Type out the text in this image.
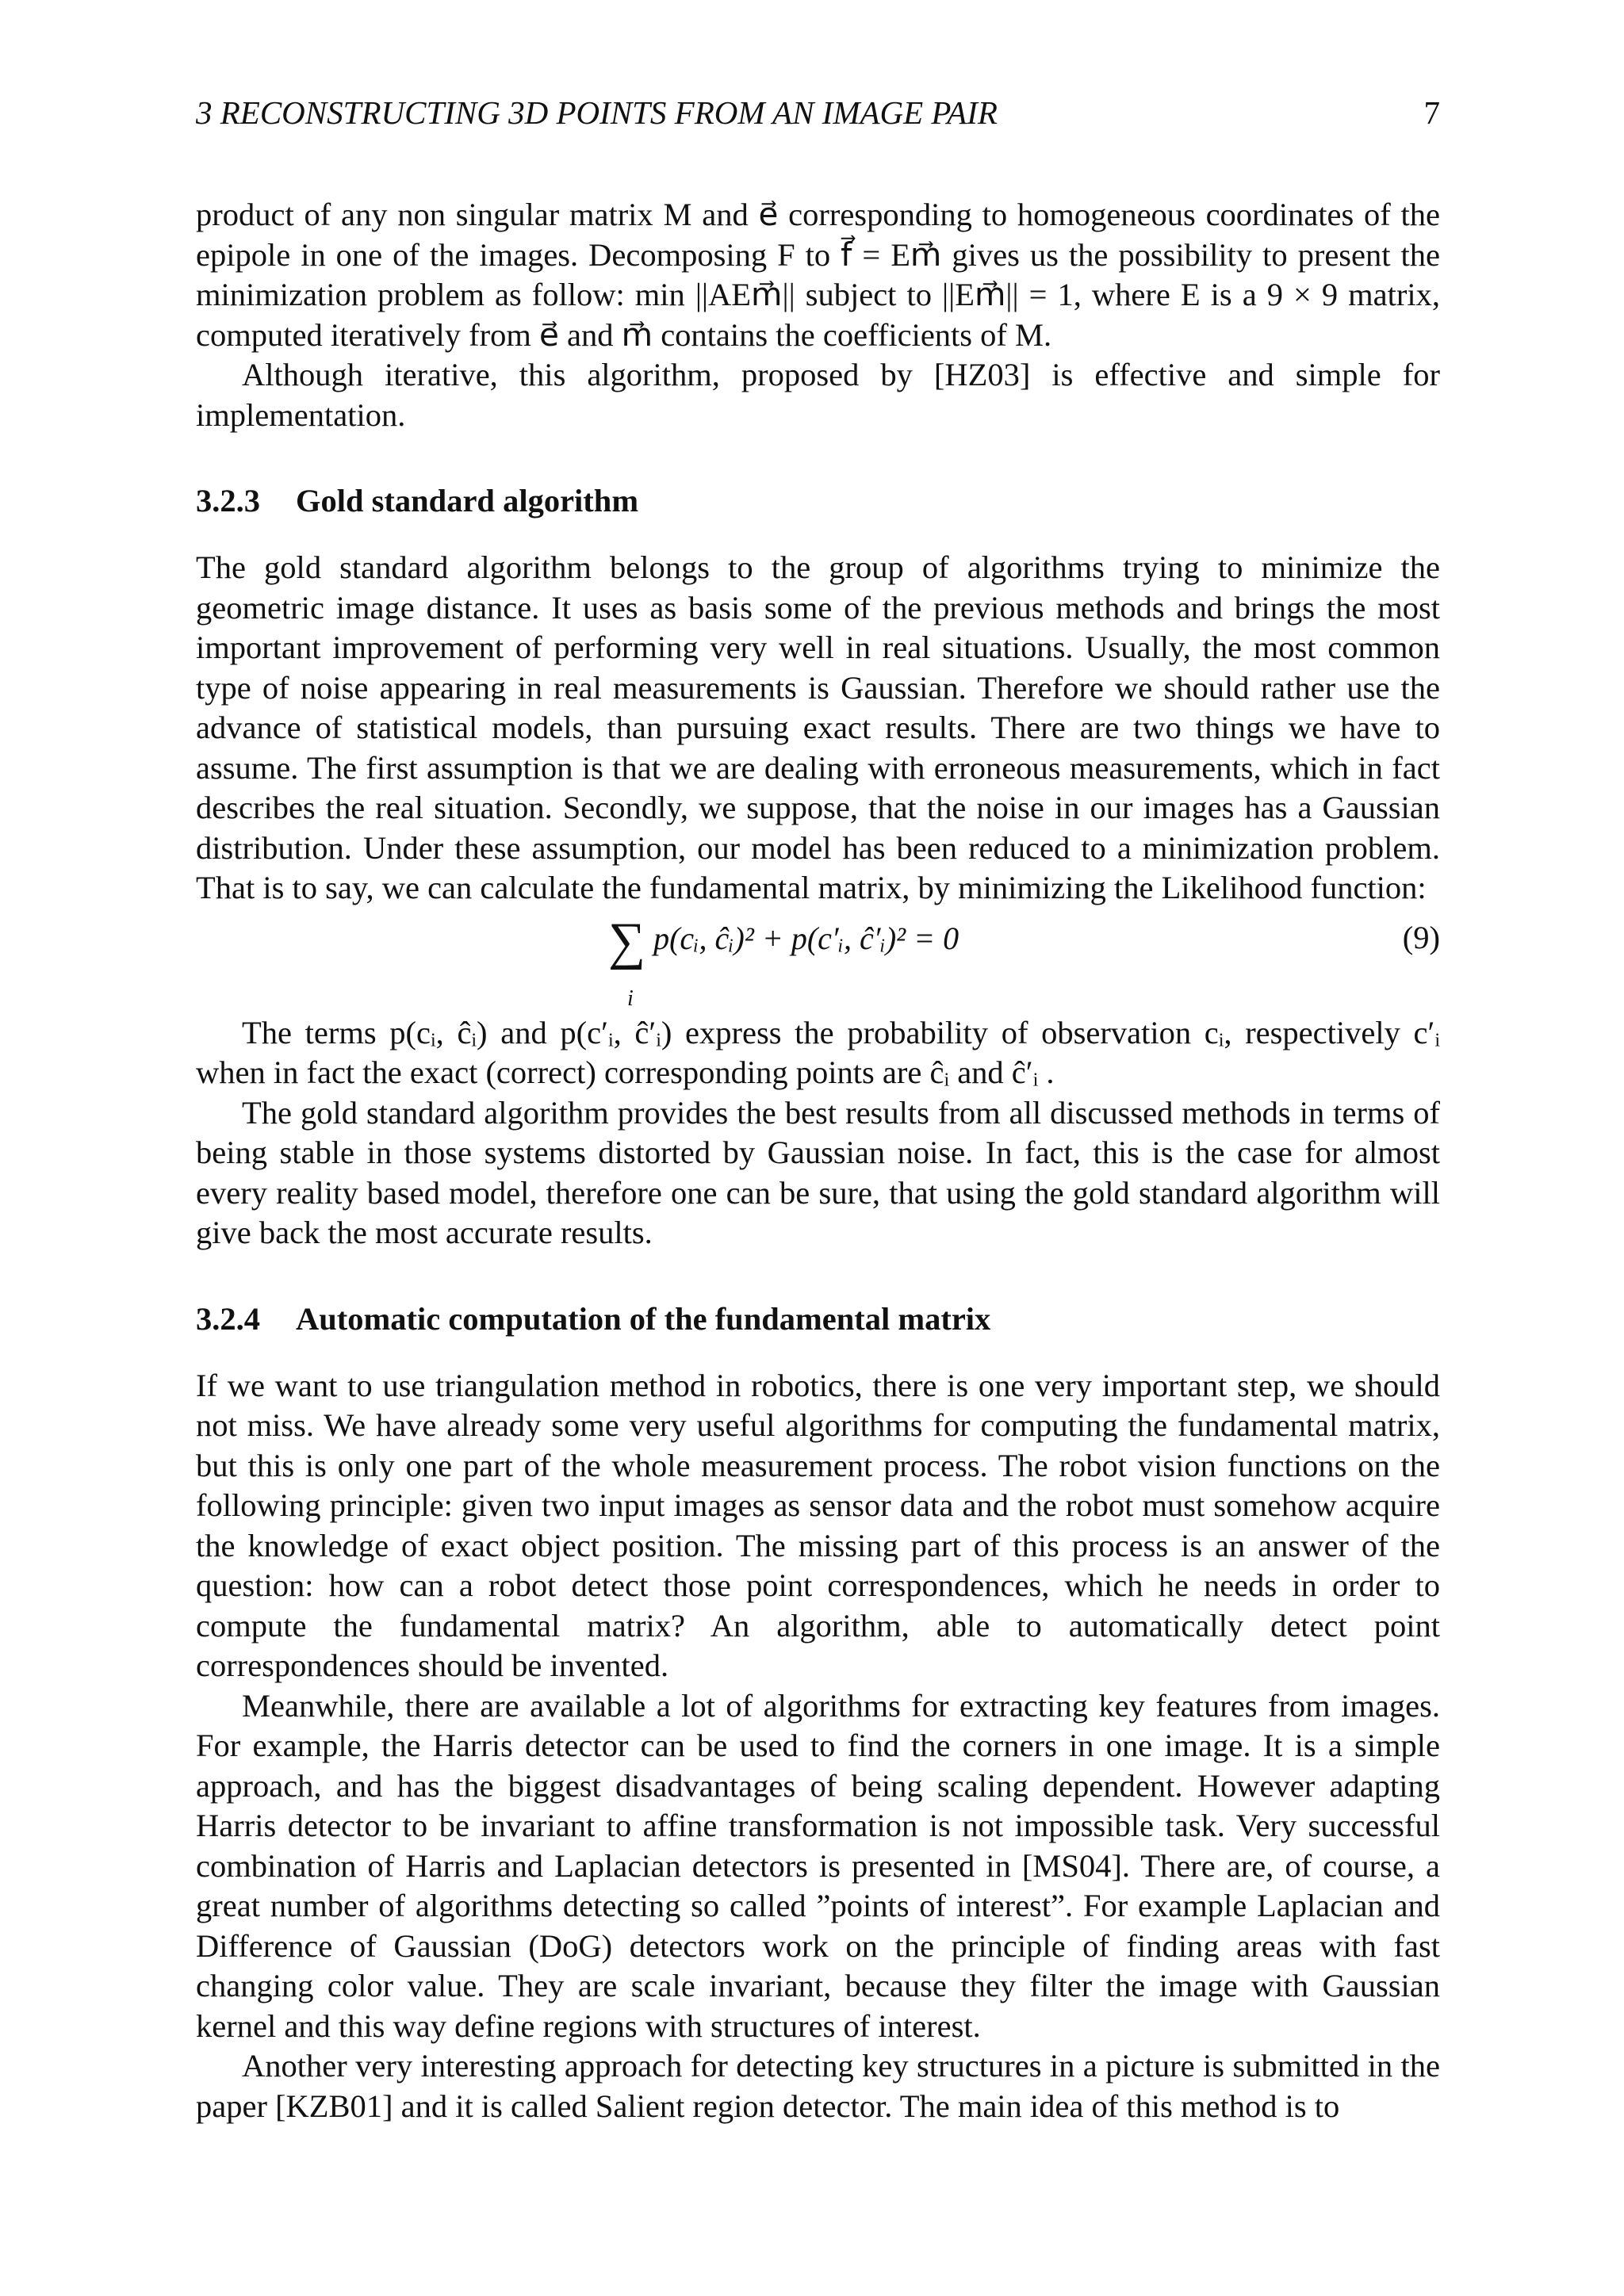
3 RECONSTRUCTING 3D POINTS FROM AN IMAGE PAIR	7

product of any non singular matrix M and e⃗ corresponding to homogeneous coordinates of the epipole in one of the images. Decomposing F to f⃗ = Em⃗ gives us the possibility to present the minimization problem as follow: min ||AEm⃗|| subject to ||Em⃗|| = 1, where E is a 9 × 9 matrix, computed iteratively from e⃗ and m⃗ contains the coefficients of M.

Although iterative, this algorithm, proposed by [HZ03] is effective and simple for implementation.

3.2.3 Gold standard algorithm

The gold standard algorithm belongs to the group of algorithms trying to minimize the geometric image distance. It uses as basis some of the previous methods and brings the most important improvement of performing very well in real situations. Usually, the most common type of noise appearing in real measurements is Gaussian. Therefore we should rather use the advance of statistical models, than pursuing exact results. There are two things we have to assume. The first assumption is that we are dealing with erroneous measurements, which in fact describes the real situation. Secondly, we suppose, that the noise in our images has a Gaussian distribution. Under these assumption, our model has been reduced to a minimization problem. That is to say, we can calculate the fundamental matrix, by minimizing the Likelihood function:

∑
i
p(cᵢ, ĉᵢ)² + p(c′ᵢ, ĉ′ᵢ)² = 0	(9)

The terms p(cᵢ, ĉᵢ) and p(c′ᵢ, ĉ′ᵢ) express the probability of observation cᵢ, respectively c′ᵢ when in fact the exact (correct) corresponding points are ĉᵢ and ĉ′ᵢ .

The gold standard algorithm provides the best results from all discussed methods in terms of being stable in those systems distorted by Gaussian noise. In fact, this is the case for almost every reality based model, therefore one can be sure, that using the gold standard algorithm will give back the most accurate results.

3.2.4 Automatic computation of the fundamental matrix

If we want to use triangulation method in robotics, there is one very important step, we should not miss. We have already some very useful algorithms for computing the fundamental matrix, but this is only one part of the whole measurement process. The robot vision functions on the following principle: given two input images as sensor data and the robot must somehow acquire the knowledge of exact object position. The missing part of this process is an answer of the question: how can a robot detect those point correspondences, which he needs in order to compute the fundamental matrix? An algorithm, able to automatically detect point correspondences should be invented.

Meanwhile, there are available a lot of algorithms for extracting key features from images. For example, the Harris detector can be used to find the corners in one image. It is a simple approach, and has the biggest disadvantages of being scaling dependent. However adapting Harris detector to be invariant to affine transformation is not impossible task. Very successful combination of Harris and Laplacian detectors is presented in [MS04]. There are, of course, a great number of algorithms detecting so called ”points of interest”. For example Laplacian and Difference of Gaussian (DoG) detectors work on the principle of finding areas with fast changing color value. They are scale invariant, because they filter the image with Gaussian kernel and this way define regions with structures of interest.

Another very interesting approach for detecting key structures in a picture is submitted in the paper [KZB01] and it is called Salient region detector. The main idea of this method is to
